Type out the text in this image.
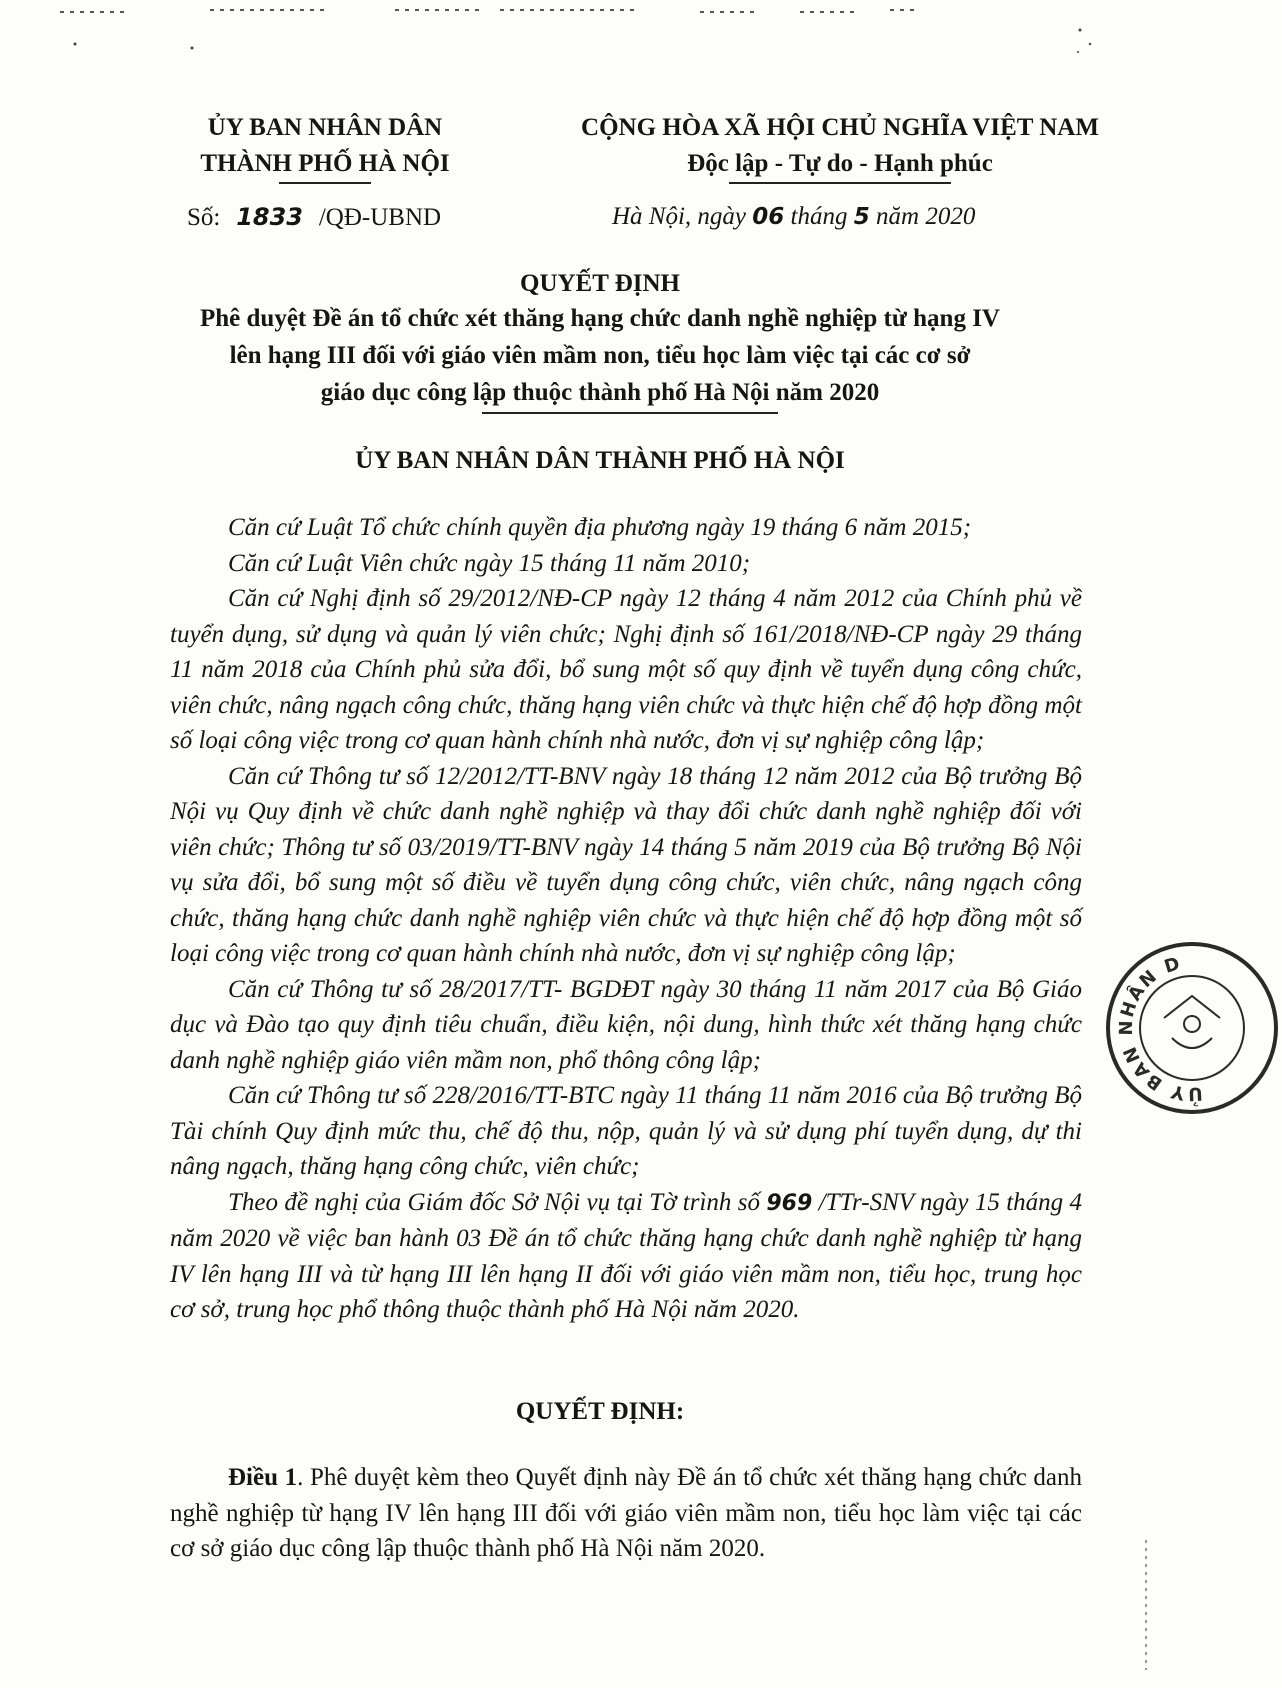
ỦY BAN NHÂN DÂN
THÀNH PHỐ HÀ NỘI
CỘNG HÒA XÃ HỘI CHỦ NGHĨA VIỆT NAM
Độc lập - Tự do - Hạnh phúc
Số: 1833 /QĐ-UBND	Hà Nội, ngày 06 tháng 5 năm 2020
QUYẾT ĐỊNH
Phê duyệt Đề án tổ chức xét thăng hạng chức danh nghề nghiệp từ hạng IV
lên hạng III đối với giáo viên mầm non, tiểu học làm việc tại các cơ sở
giáo dục công lập thuộc thành phố Hà Nội năm 2020
ỦY BAN NHÂN DÂN THÀNH PHỐ HÀ NỘI

Căn cứ Luật Tổ chức chính quyền địa phương ngày 19 tháng 6 năm 2015;

Căn cứ Luật Viên chức ngày 15 tháng 11 năm 2010;

Căn cứ Nghị định số 29/2012/NĐ-CP ngày 12 tháng 4 năm 2012 của Chính phủ về tuyển dụng, sử dụng và quản lý viên chức; Nghị định số 161/2018/NĐ-CP ngày 29 tháng 11 năm 2018 của Chính phủ sửa đổi, bổ sung một số quy định về tuyển dụng công chức, viên chức, nâng ngạch công chức, thăng hạng viên chức và thực hiện chế độ hợp đồng một số loại công việc trong cơ quan hành chính nhà nước, đơn vị sự nghiệp công lập;

Căn cứ Thông tư số 12/2012/TT-BNV ngày 18 tháng 12 năm 2012 của Bộ trưởng Bộ Nội vụ Quy định về chức danh nghề nghiệp và thay đổi chức danh nghề nghiệp đối với viên chức; Thông tư số 03/2019/TT-BNV ngày 14 tháng 5 năm 2019 của Bộ trưởng Bộ Nội vụ sửa đổi, bổ sung một số điều về tuyển dụng công chức, viên chức, nâng ngạch công chức, thăng hạng chức danh nghề nghiệp viên chức và thực hiện chế độ hợp đồng một số loại công việc trong cơ quan hành chính nhà nước, đơn vị sự nghiệp công lập;

Căn cứ Thông tư số 28/2017/TT- BGDĐT ngày 30 tháng 11 năm 2017 của Bộ Giáo dục và Đào tạo quy định tiêu chuẩn, điều kiện, nội dung, hình thức xét thăng hạng chức danh nghề nghiệp giáo viên mầm non, phổ thông công lập;

Căn cứ Thông tư số 228/2016/TT-BTC ngày 11 tháng 11 năm 2016 của Bộ trưởng Bộ Tài chính Quy định mức thu, chế độ thu, nộp, quản lý và sử dụng phí tuyển dụng, dự thi nâng ngạch, thăng hạng công chức, viên chức;

Theo đề nghị của Giám đốc Sở Nội vụ tại Tờ trình số 969 /TTr-SNV ngày 15 tháng 4 năm 2020 về việc ban hành 03 Đề án tổ chức thăng hạng chức danh nghề nghiệp từ hạng IV lên hạng III và từ hạng III lên hạng II đối với giáo viên mầm non, tiểu học, trung học cơ sở, trung học phổ thông thuộc thành phố Hà Nội năm 2020.

QUYẾT ĐỊNH:

Điều 1. Phê duyệt kèm theo Quyết định này Đề án tổ chức xét thăng hạng chức danh nghề nghiệp từ hạng IV lên hạng III đối với giáo viên mầm non, tiểu học làm việc tại các cơ sở giáo dục công lập thuộc thành phố Hà Nội năm 2020.

ỦY BAN NHÂN DÂN
